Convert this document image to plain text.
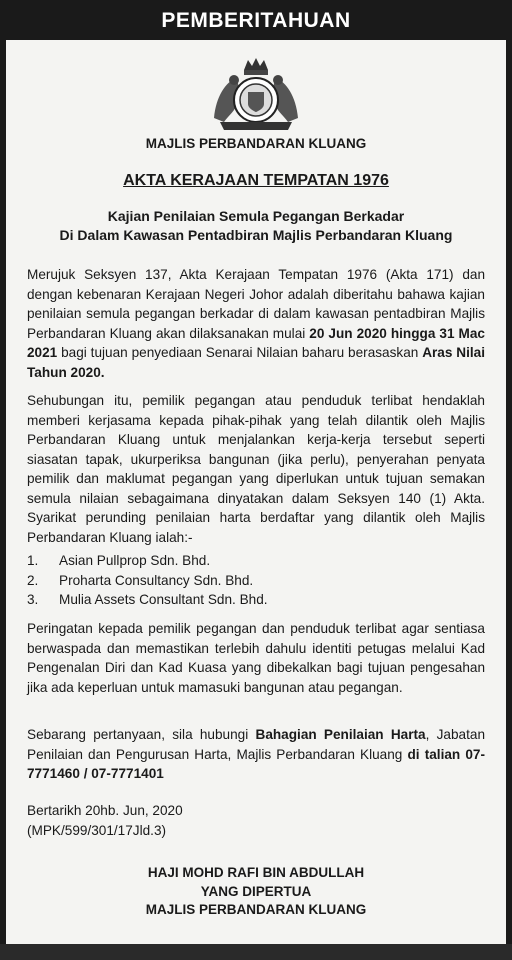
PEMBERITAHUAN
MAJLIS PERBANDARAN KLUANG
AKTA KERAJAAN TEMPATAN 1976
Kajian Penilaian Semula Pegangan Berkadar
Di Dalam Kawasan Pentadbiran Majlis Perbandaran Kluang
Merujuk Seksyen 137, Akta Kerajaan Tempatan 1976 (Akta 171) dan dengan kebenaran Kerajaan Negeri Johor adalah diberitahu bahawa kajian penilaian semula pegangan berkadar di dalam kawasan pentadbiran Majlis Perbandaran Kluang akan dilaksanakan mulai 20 Jun 2020 hingga 31 Mac 2021 bagi tujuan penyediaan Senarai Nilaian baharu berasaskan Aras Nilai Tahun 2020.
Sehubungan itu, pemilik pegangan atau penduduk terlibat hendaklah memberi kerjasama kepada pihak-pihak yang telah dilantik oleh Majlis Perbandaran Kluang untuk menjalankan kerja-kerja tersebut seperti siasatan tapak, ukurperiksa bangunan (jika perlu), penyerahan penyata pemilik dan maklumat pegangan yang diperlukan untuk tujuan semakan semula nilaian sebagaimana dinyatakan dalam Seksyen 140 (1) Akta. Syarikat perunding penilaian harta berdaftar yang dilantik oleh Majlis Perbandaran Kluang ialah:-
1.	Asian Pullprop Sdn. Bhd.
2.	Proharta Consultancy Sdn. Bhd.
3.	Mulia Assets Consultant Sdn. Bhd.
Peringatan kepada pemilik pegangan dan penduduk terlibat agar sentiasa berwaspada dan memastikan terlebih dahulu identiti petugas melalui Kad Pengenalan Diri dan Kad Kuasa yang dibekalkan bagi tujuan pengesahan jika ada keperluan untuk mamasuki bangunan atau pegangan.
Sebarang pertanyaan, sila hubungi Bahagian Penilaian Harta, Jabatan Penilaian dan Pengurusan Harta, Majlis Perbandaran Kluang di talian 07-7771460 / 07-7771401
Bertarikh 20hb. Jun, 2020
(MPK/599/301/17Jld.3)
HAJI MOHD RAFI BIN ABDULLAH
YANG DIPERTUA
MAJLIS PERBANDARAN KLUANG
